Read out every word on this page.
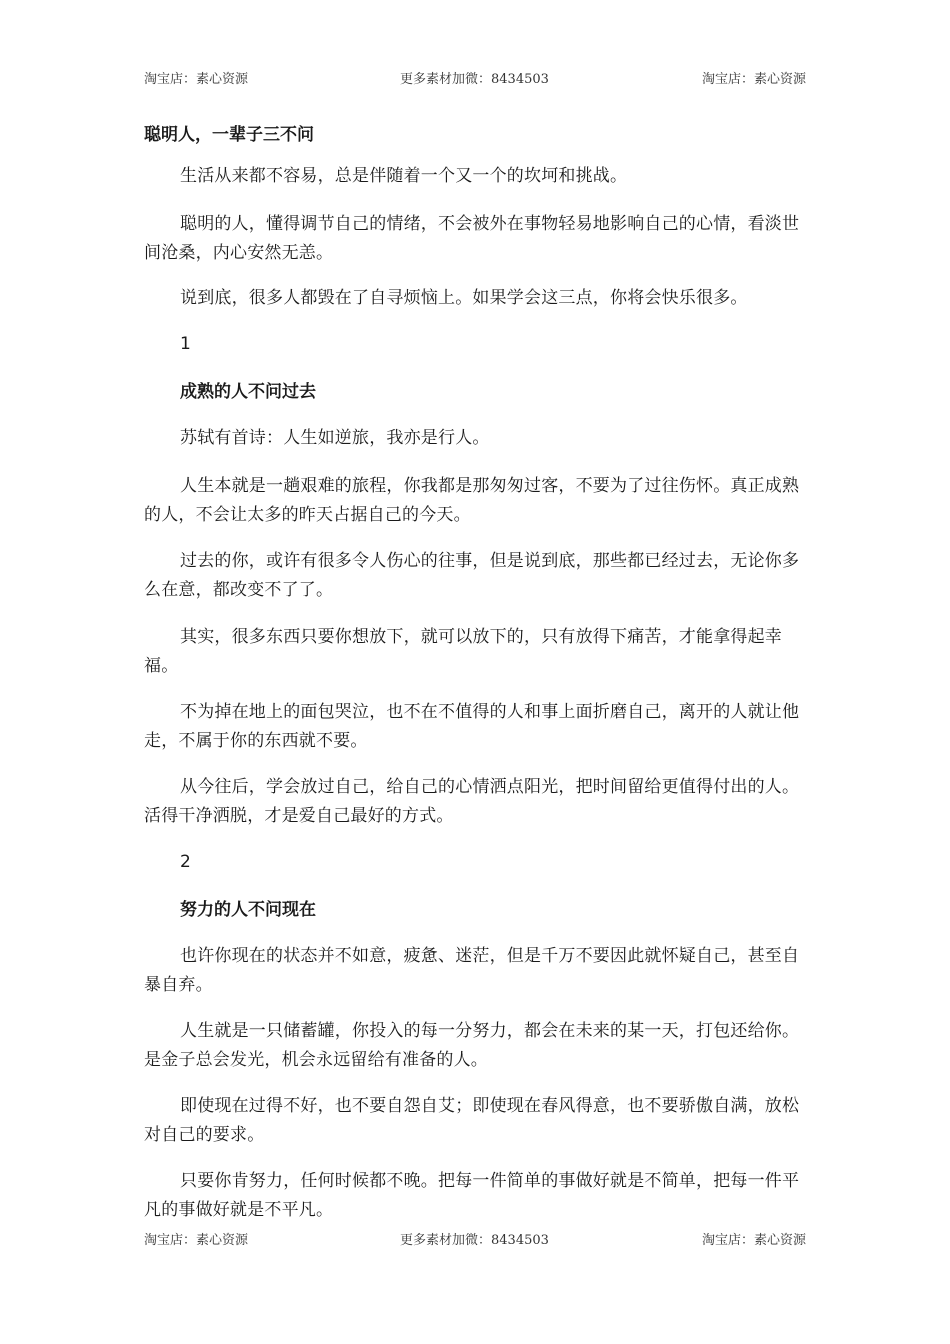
淘宝店：素心资源	更多素材加微：8434503	淘宝店：素心资源
聪明人，一辈子三不问
生活从来都不容易，总是伴随着一个又一个的坎坷和挑战。
聪明的人，懂得调节自己的情绪，不会被外在事物轻易地影响自己的心情，看淡世间沧桑，内心安然无恙。
说到底，很多人都毁在了自寻烦恼上。如果学会这三点，你将会快乐很多。
1
成熟的人不问过去
苏轼有首诗：人生如逆旅，我亦是行人。
人生本就是一趟艰难的旅程，你我都是那匆匆过客，不要为了过往伤怀。真正成熟的人，不会让太多的昨天占据自己的今天。
过去的你，或许有很多令人伤心的往事，但是说到底，那些都已经过去，无论你多么在意，都改变不了了。
其实，很多东西只要你想放下，就可以放下的，只有放得下痛苦，才能拿得起幸福。
不为掉在地上的面包哭泣，也不在不值得的人和事上面折磨自己，离开的人就让他走，不属于你的东西就不要。
从今往后，学会放过自己，给自己的心情洒点阳光，把时间留给更值得付出的人。活得干净洒脱，才是爱自己最好的方式。
2
努力的人不问现在
也许你现在的状态并不如意，疲惫、迷茫，但是千万不要因此就怀疑自己，甚至自暴自弃。
人生就是一只储蓄罐，你投入的每一分努力，都会在未来的某一天，打包还给你。是金子总会发光，机会永远留给有准备的人。
即使现在过得不好，也不要自怨自艾；即使现在春风得意，也不要骄傲自满，放松对自己的要求。
只要你肯努力，任何时候都不晚。把每一件简单的事做好就是不简单，把每一件平凡的事做好就是不平凡。
淘宝店：素心资源	更多素材加微：8434503	淘宝店：素心资源
